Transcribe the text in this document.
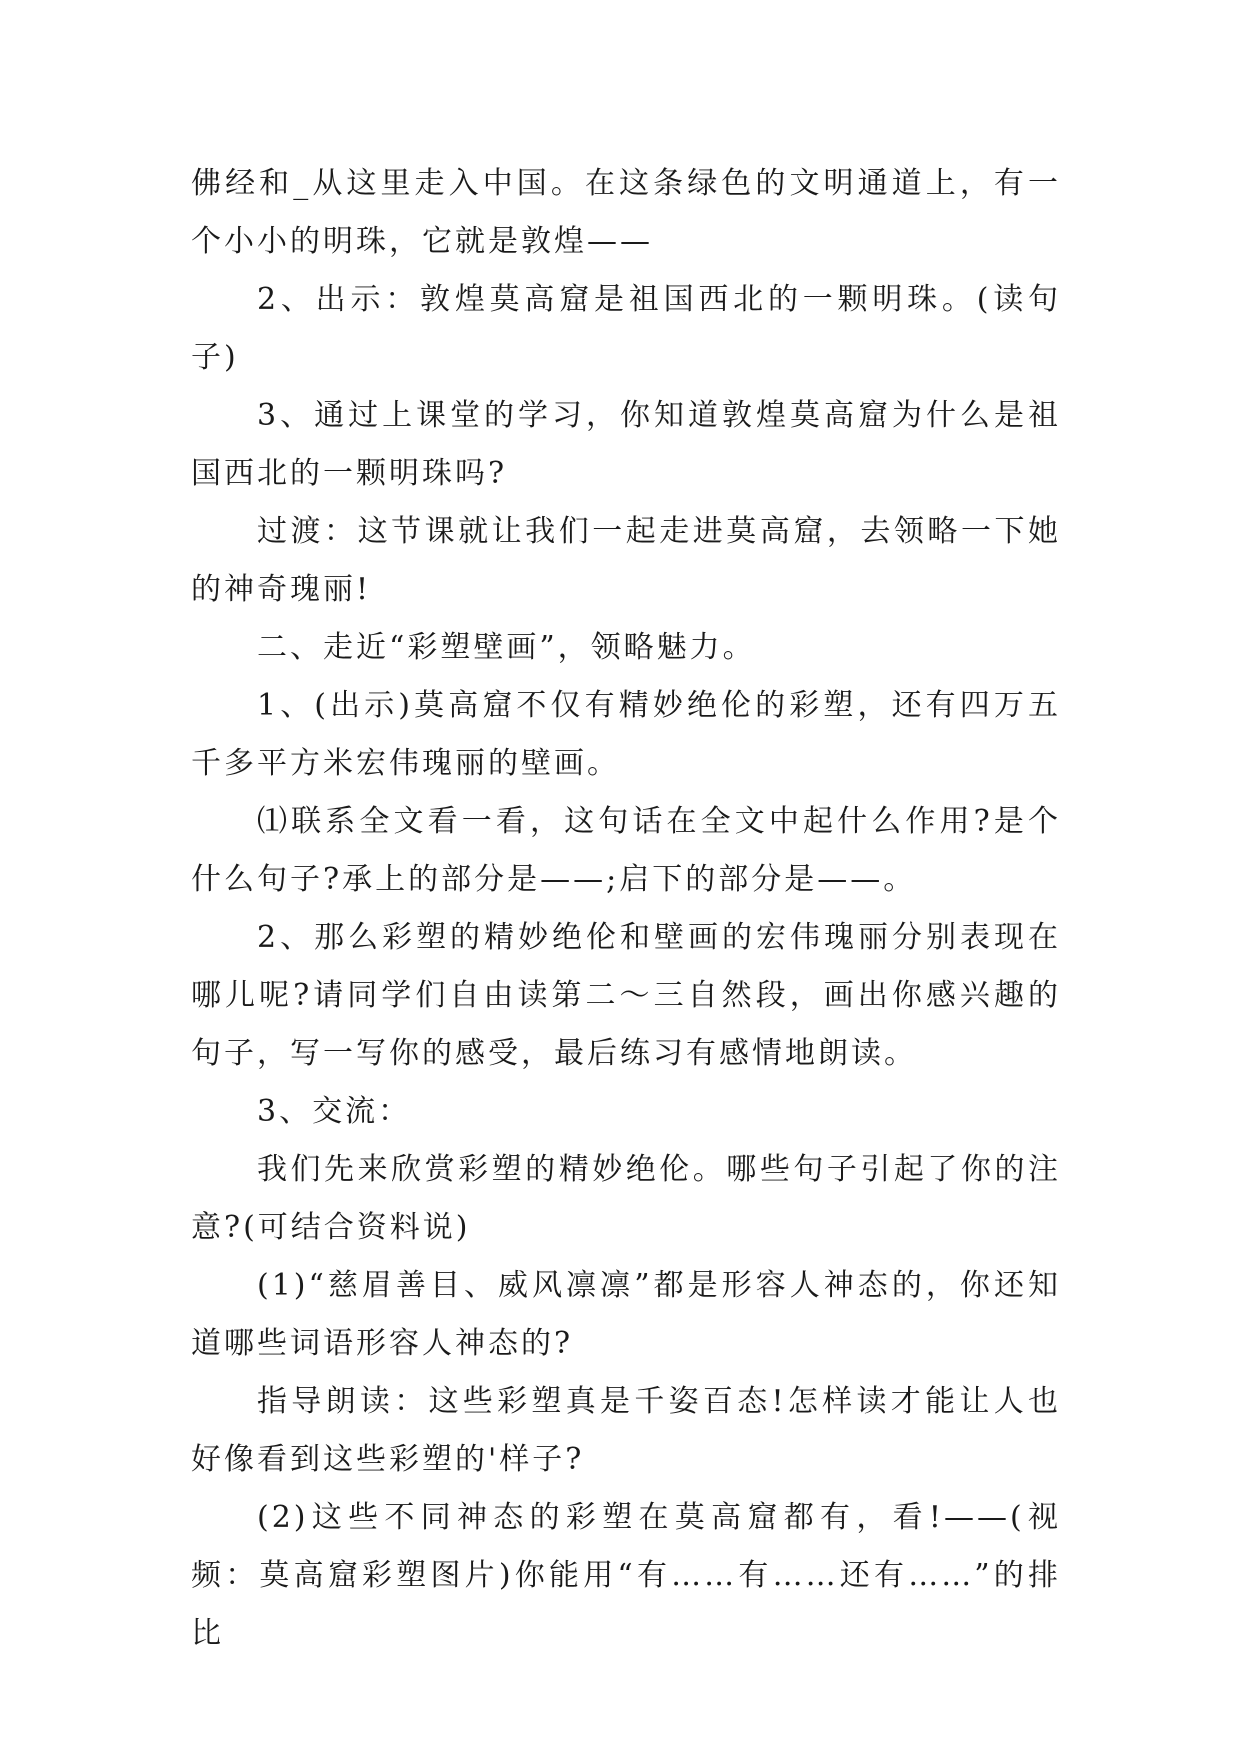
佛经和_从这里走入中国。在这条绿色的文明通道上，有一个小小的明珠，它就是敦煌——

2、出示：敦煌莫高窟是祖国西北的一颗明珠。(读句子)

3、通过上课堂的学习，你知道敦煌莫高窟为什么是祖国西北的一颗明珠吗?

过渡：这节课就让我们一起走进莫高窟，去领略一下她的神奇瑰丽!

二、走近“彩塑壁画”，领略魅力。

1、(出示)莫高窟不仅有精妙绝伦的彩塑，还有四万五千多平方米宏伟瑰丽的壁画。

⑴联系全文看一看，这句话在全文中起什么作用?是个什么句子?承上的部分是——;启下的部分是——。

2、那么彩塑的精妙绝伦和壁画的宏伟瑰丽分别表现在哪儿呢?请同学们自由读第二～三自然段，画出你感兴趣的句子，写一写你的感受，最后练习有感情地朗读。

3、交流：

我们先来欣赏彩塑的精妙绝伦。哪些句子引起了你的注意?(可结合资料说)

(1)“慈眉善目、威风凛凛”都是形容人神态的，你还知道哪些词语形容人神态的?

指导朗读：这些彩塑真是千姿百态!怎样读才能让人也好像看到这些彩塑的'样子?

(2)这些不同神态的彩塑在莫高窟都有，看!——(视频：莫高窟彩塑图片)你能用“有……有……还有……”的排比
